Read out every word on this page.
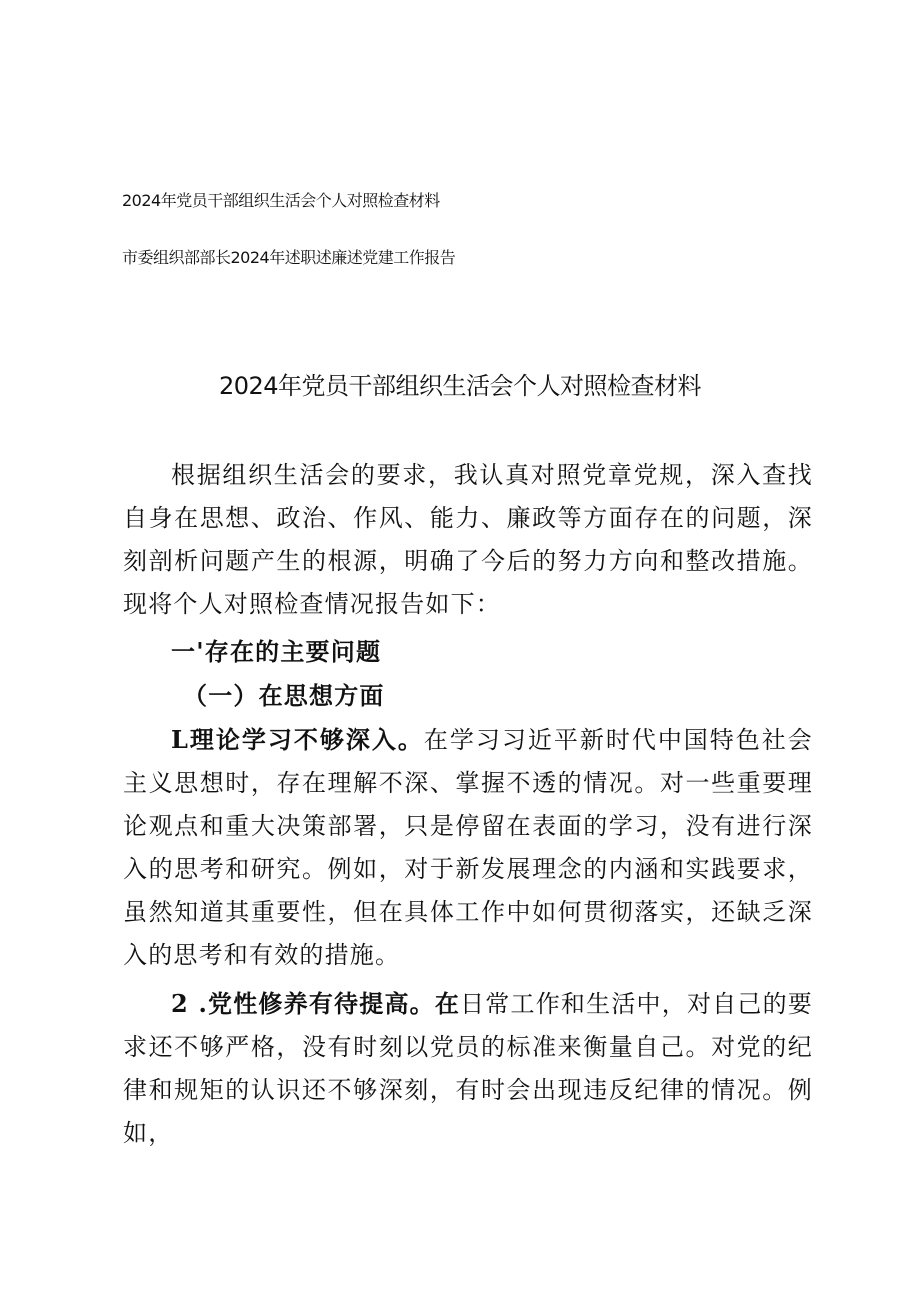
2024年党员干部组织生活会个人对照检查材料
市委组织部部长2024年述职述廉述党建工作报告
2024年党员干部组织生活会个人对照检查材料

根据组织生活会的要求，我认真对照党章党规，深入查找自身在思想、政治、作风、能力、廉政等方面存在的问题，深刻剖析问题产生的根源，明确了今后的努力方向和整改措施。现将个人对照检查情况报告如下：

一'存在的主要问题
（一）在思想方面

L理论学习不够深入。在学习习近平新时代中国特色社会主义思想时，存在理解不深、掌握不透的情况。对一些重要理论观点和重大决策部署，只是停留在表面的学习，没有进行深入的思考和研究。例如，对于新发展理念的内涵和实践要求，虽然知道其重要性，但在具体工作中如何贯彻落实，还缺乏深入的思考和有效的措施。

2 .党性修养有待提高。在日常工作和生活中，对自己的要求还不够严格，没有时刻以党员的标准来衡量自己。对党的纪律和规矩的认识还不够深刻，有时会出现违反纪律的情况。例如，
